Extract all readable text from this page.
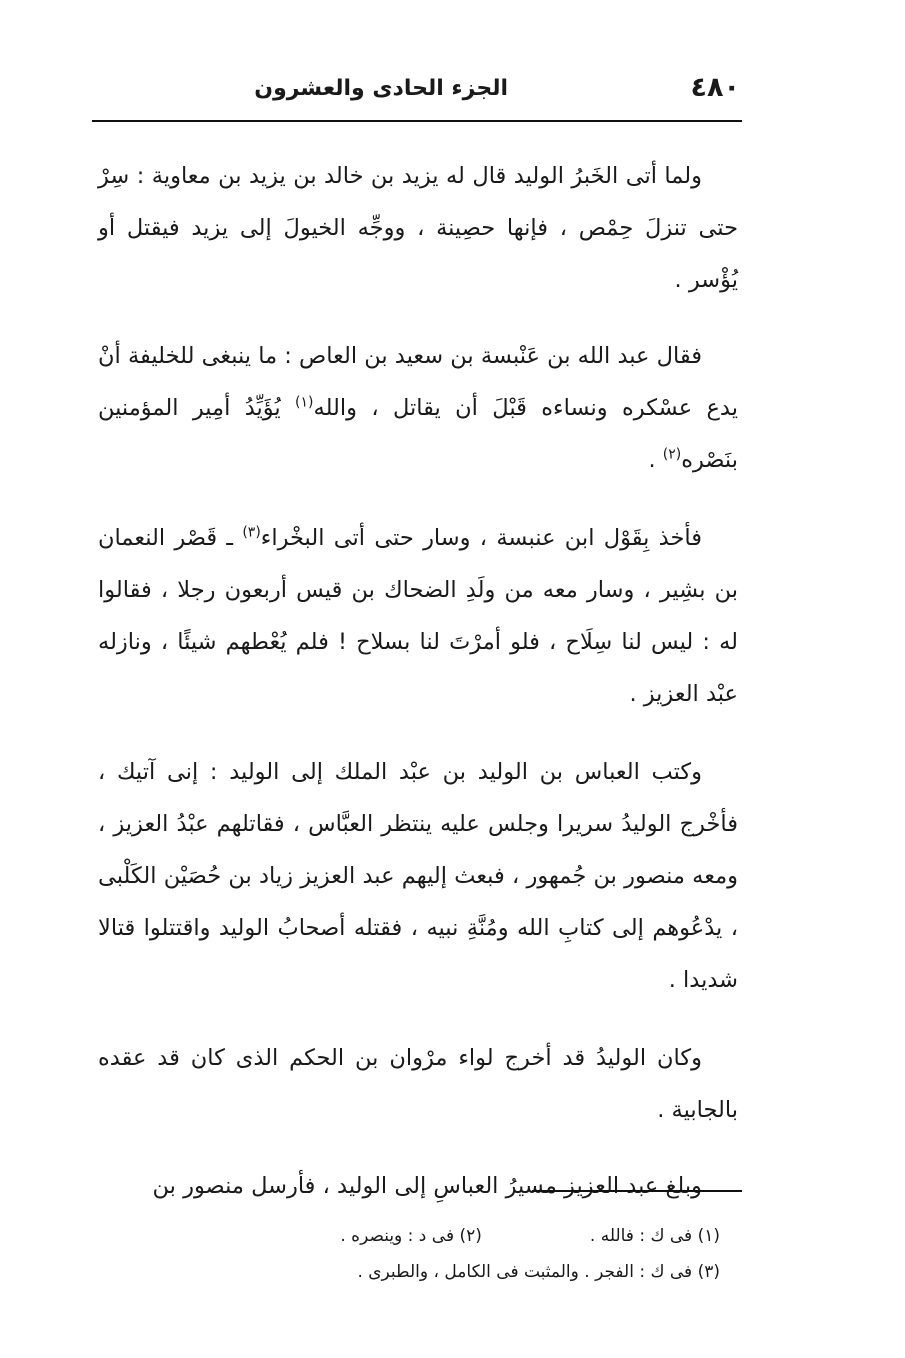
٤٨٠
الجزء الحادى والعشرون

ولما أتى الخَبرُ الوليد قال له يزيد بن خالد بن يزيد بن معاوية : سِرْ حتى تنزلَ حِمْص ، فإنها حصِينة ، ووجِّه الخيولَ إلى يزيد فيقتل أو يُؤْسر .

فقال عبد الله بن عَنْبسة بن سعيد بن العاص : ما ينبغى للخليفة أنْ يدع عسْكره ونساءه قَبْلَ أن يقاتل ، والله$^{(١)}$ يُؤَيِّدُ أمِير المؤمنين بنَصْره$^{(٢)}$ .

فأخذ بِقَوْل ابن عنبسة ، وسار حتى أتى البخْراء$^{(٣)}$ ـ قَصْر النعمان بن بشِير ، وسار معه من ولَدِ الضحاك بن قيس أربعون رجلا ، فقالوا له : ليس لنا سِلَاح ، فلو أمرْتَ لنا بسلاح ! فلم يُعْطهم شيئًا ، ونازله عبْد العزيز .

وكتب العباس بن الوليد بن عبْد الملك إلى الوليد : إنى آتيك ، فأخْرج الوليدُ سريرا وجلس عليه ينتظر العبَّاس ، فقاتلهم عبْدُ العزيز ، ومعه منصور بن جُمهور ، فبعث إليهم عبد العزيز زياد بن حُصَيْن الكَلْبى ، يدْعُوهم إلى كتابِ الله ومُنَّةِ نبيه ، فقتله أصحابُ الوليد واقتتلوا قتالا شديدا .

وكان الوليدُ قد أخرج لواء مرْوان بن الحكم الذى كان قد عقده بالجابية .

وبلغ عبد العزيز مسيرُ العباسِ إلى الوليد ، فأرسل منصور بن

(١) فى ك : فالله .(٢) فى د : وينصره .
(٣) فى ك : الفجر . والمثبت فى الكامل ، والطبرى .
